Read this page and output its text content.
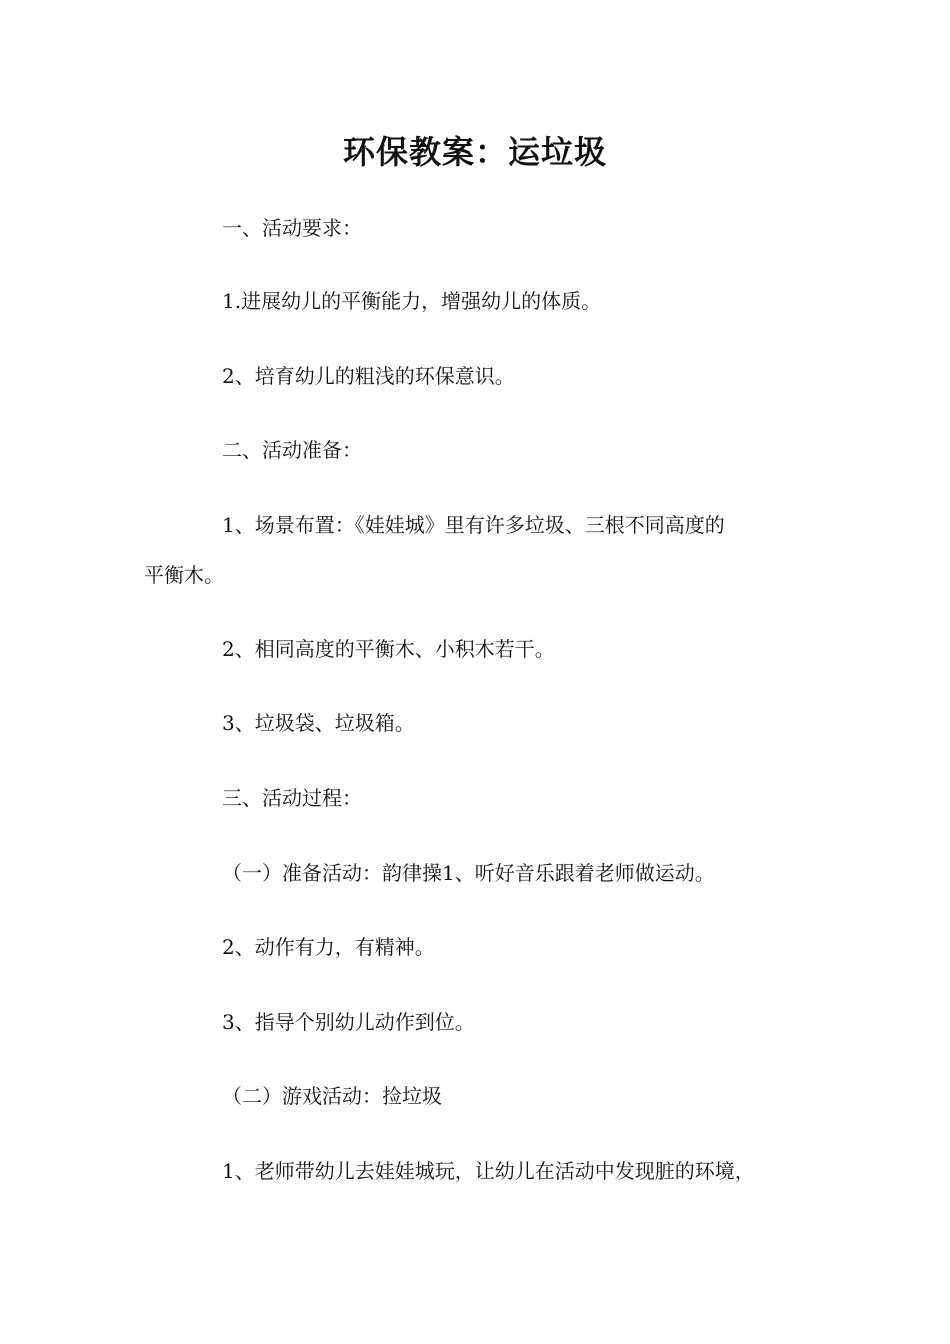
环保教案：运垃圾

一、活动要求：

1.进展幼儿的平衡能力，增强幼儿的体质。

2、培育幼儿的粗浅的环保意识。

二、活动准备：

1、场景布置：《娃娃城》里有许多垃圾、三根不同高度的

平衡木。

2、相同高度的平衡木、小积木若干。

3、垃圾袋、垃圾箱。

三、活动过程：

（一）准备活动：韵律操1、听好音乐跟着老师做运动。

2、动作有力，有精神。

3、指导个别幼儿动作到位。

（二）游戏活动：捡垃圾

1、老师带幼儿去娃娃城玩，让幼儿在活动中发现脏的环境，
